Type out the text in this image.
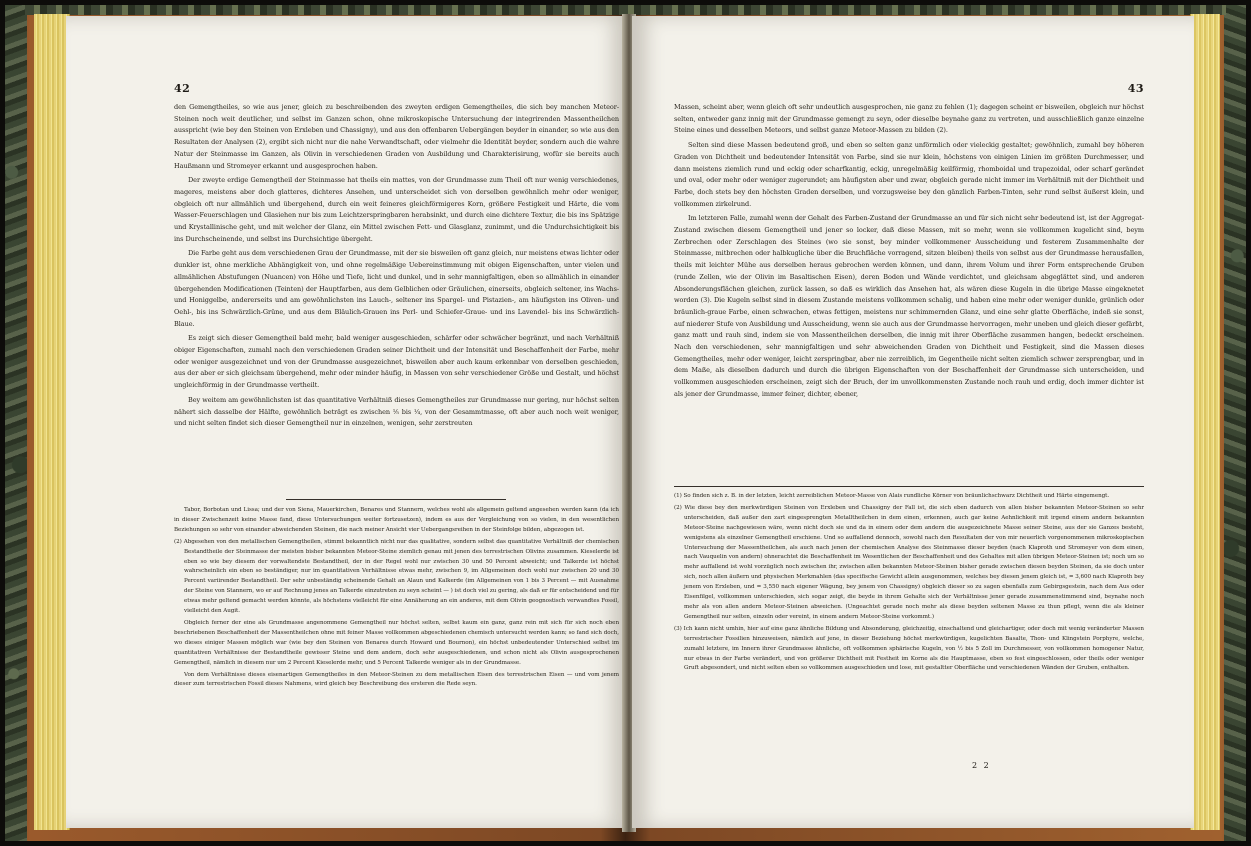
42

den Gemengtheiles, so wie aus jener, gleich zu beschreibenden des zweyten erdigen Gemengtheiles, die sich bey manchen Meteor-Steinen noch weit deutlicher, und selbst im Ganzen schon, ohne mikroskopische Untersuchung der integrirenden Massentheilchen ausspricht (wie bey den Steinen von Erxleben und Chassigny), und aus den offenbaren Uebergängen beyder in einander, so wie aus den Resultaten der Analysen (2), ergibt sich nicht nur die nahe Verwandtschaft, oder vielmehr die Identität beyder, sondern auch die wahre Natur der Steinmasse im Ganzen, als Olivin in verschiedenen Graden von Ausbildung und Charakterisirung, wofür sie bereits auch Haußmann und Stromeyer erkannt und ausgesprochen haben.

Der zweyte erdige Gemengtheil der Steinmasse hat theils ein mattes, von der Grundmasse zum Theil oft nur wenig verschiedenes, mageres, meistens aber doch glatteres, dichteres Ansehen, und unterscheidet sich von derselben gewöhnlich mehr oder weniger, obgleich oft nur allmählich und übergehend, durch ein weit feineres gleichförmigeres Korn, größere Festigkeit und Härte, die vom Wasser-Feuerschlagen und Glasiehen nur bis zum Leichtzerspringbaren herabsinkt, und durch eine dichtere Textur, die bis ins Spätzige und Krystallinische geht, und mit welcher der Glanz, ein Mittel zwischen Fett- und Glasglanz, zunimmt, und die Undurchsichtigkeit bis ins Durchscheinende, und selbst ins Durchsichtige übergeht.

Die Farbe geht aus dem verschiedenen Grau der Grundmasse, mit der sie bisweilen oft ganz gleich, nur meistens etwas lichter oder dunkler ist, ohne merkliche Abhängigkeit von, und ohne regelmäßige Uebereinstimmung mit obigen Eigenschaften, unter vielen und allmählichen Abstufungen (Nuancen) von Höhe und Tiefe, licht und dunkel, und in sehr mannigfaltigen, eben so allmählich in einander übergehenden Modificationen (Teinten) der Hauptfarben, aus dem Gelblichen oder Gräulichen, einerseits, obgleich seltener, ins Wachs- und Honiggelbe, andererseits und am gewöhnlichsten ins Lauch-, seltener ins Spargel- und Pistazien-, am häufigsten ins Oliven- und Oehl-, bis ins Schwärzlich-Grüne, und aus dem Bläulich-Grauen ins Perl- und Schiefer-Graue- und ins Lavendel- bis ins Schwärzlich-Blaue.

Es zeigt sich dieser Gemengtheil bald mehr, bald weniger ausgeschieden, schärfer oder schwächer begränzt, und nach Verhältniß obiger Eigenschaften, zumahl nach den verschiedenen Graden seiner Dichtheit und der Intensität und Beschaffenheit der Farbe, mehr oder weniger ausgezeichnet und von der Grundmasse ausgezeichnet, bisweilen aber auch kaum erkennbar von derselben geschieden, aus der aber er sich gleichsam übergehend, mehr oder minder häufig, in Massen von sehr verschiedener Größe und Gestalt, und höchst ungleichförmig in der Grundmasse vertheilt.

Bey weitem am gewöhnlichsten ist das quantitative Verhältniß dieses Gemengtheiles zur Grundmasse nur gering, nur höchst selten nähert sich dasselbe der Hälfte, gewöhnlich beträgt es zwischen ⅕ bis ¼, von der Gesammtmasse, oft aber auch noch weit weniger, und nicht selten findet sich dieser Gemengtheil nur in einzelnen, wenigen, sehr zerstreuten

Tabor, Borbotan und Lissa; und der von Siena, Mauerkirchen, Benares und Stannern, welches wohl als allgemein geltend angesehen werden kann (da ich in dieser Zwischenzeit keine Masse fand, diese Untersuchungen weiter fortzusetzen), indem es aus der Vergleichung von so vielen, in den wesentlichen Beziehungen so sehr von einander abweichenden Steinen, die nach meiner Ansicht vier Uebergangsreihen in der Steinfolge bilden, abgezogen ist.

(2) Abgesehen von den metallischen Gemengtheilen, stimmt bekanntlich nicht nur das qualitative, sondern selbst das quantitative Verhältniß der chemischen Bestandtheile der Steinmasse der meisten bisher bekannten Meteor-Steine ziemlich genau mit jenen des terrestrischen Olivins zusammen. Kieselerde ist eben so wie bey diesem der vorwaltendste Bestandtheil, der in der Regel wohl nur zwischen 30 und 50 Percent abweicht; und Talkerde ist höchst wahrscheinlich ein eben so beständiger, nur im quantitativen Verhältnisse etwas mehr, zwischen 9, im Allgemeinen doch wohl nur zwischen 20 und 30 Percent variirender Bestandtheil. Der sehr unbeständig scheinende Gehalt an Alaun und Kalkerde (im Allgemeinen von 1 bis 3 Percent — mit Ausnahme der Steine von Stannern, wo er auf Rechnung jenes an Talkerde einzutreten zu seyn scheint — ) ist doch viel zu gering, als daß er für entscheidend und für etwas mehr geltend gemacht werden könnte, als höchstens vielleicht für eine Annäherung an ein anderes, mit dem Olivin geognostisch verwandtes Fossil, vielleicht den Augit.

Obgleich ferner der eine als Grundmasse angenommene Gemengtheil nur höchst selten, selbst kaum ein ganz, ganz rein mit sich für sich noch eben beschriebenen Beschaffenheit der Massentheilchen ohne mit feiner Masse vollkommen abgeschiedenen chemisch untersucht werden kann; so fand sich doch, wo dieses einiger Massen möglich war (wie bey den Steinen von Benares durch Howard und Bournon), ein höchst unbedeutender Unterschied selbst im quantitativen Verhältnisse der Bestandtheile gewisser Steine und dem andern, doch sehr ausgeschiedenen, und schon nicht als Olivin ausgesprochenen Gemengtheil, nämlich in diesem nur um 2 Percent Kieselerde mehr, und 5 Percent Talkerde weniger als in der Grundmasse.

Von dem Verhältnisse dieses eisenartigen Gemengtheiles in den Meteor-Steinen zu dem metallischen Eisen des terrestrischen Eisen — und vom jenem dieser zum terrestrischen Fossil dieses Nahmens, wird gleich bey Beschreibung des ersteren die Rede seyn.

43

Massen, scheint aber, wenn gleich oft sehr undeutlich ausgesprochen, nie ganz zu fehlen (1); dagegen scheint er bisweilen, obgleich nur höchst selten, entweder ganz innig mit der Grundmasse gemengt zu seyn, oder dieselbe beynahe ganz zu vertreten, und ausschließlich ganze einzelne Steine eines und desselben Meteors, und selbst ganze Meteor-Massen zu bilden (2).

Selten sind diese Massen bedeutend groß, und eben so selten ganz unförmlich oder vieleckig gestaltet; gewöhnlich, zumahl bey höheren Graden von Dichtheit und bedeutender Intensität von Farbe, sind sie nur klein, höchstens von einigen Linien im größten Durchmesser, und dann meistens ziemlich rund und eckig oder scharfkantig, eckig, unregelmäßig keilförmig, rhomboidal und trapezoidal, oder scharf gerändet und oval, oder mehr oder weniger zugerundet; am häufigsten aber und zwar, obgleich gerade nicht immer im Verhältniß mit der Dichtheit und Farbe, doch stets bey den höchsten Graden derselben, und vorzugsweise bey den gänzlich Farben-Tinten, sehr rund selbst äußerst klein, und vollkommen zirkelrund.

Im letzteren Falle, zumahl wenn der Gehalt des Farben-Zustand der Grundmasse an und für sich nicht sehr bedeutend ist, ist der Aggregat-Zustand zwischen diesem Gemengtheil und jener so locker, daß diese Massen, mit so mehr, wenn sie vollkommen kugelicht sind, beym Zerbrechen oder Zerschlagen des Steines (wo sie sonst, bey minder vollkommener Ausscheidung und festerem Zusammenhalte der Steinmasse, mitbrechen oder halbkugliche über die Bruchfläche vorragend, sitzen bleiben) theils von selbst aus der Grundmasse herausfallen, theils mit leichter Mühe aus derselben heraus gebrochen werden können, und dann, ihrem Volum und ihrer Form entsprechende Gruben (runde Zellen, wie der Olivin im Basaltischen Eisen), deren Boden und Wände verdichtet, und gleichsam abgeglättet sind, und anderen Absonderungsflächen gleichen, zurück lassen, so daß es wirklich das Ansehen hat, als wären diese Kugeln in die übrige Masse eingeknetet worden (3). Die Kugeln selbst sind in diesem Zustande meistens vollkommen schalig, und haben eine mehr oder weniger dunkle, grünlich oder bräunlich-graue Farbe, einen schwachen, etwas fettigen, meistens nur schimmernden Glanz, und eine sehr glatte Oberfläche, indeß sie sonst, auf niederer Stufe von Ausbildung und Ausscheidung, wenn sie auch aus der Grundmasse hervorragen, mehr uneben und gleich dieser gefärbt, ganz matt und rauh sind, indem sie von Massentheilchen derselben, die innig mit ihrer Oberfläche zusammen hangen, bedeckt erscheinen. Nach den verschiedenen, sehr mannigfaltigen und sehr abweichenden Graden von Dichtheit und Festigkeit, sind die Massen dieses Gemengtheiles, mehr oder weniger, leicht zerspringbar, aber nie zerreiblich, im Gegentheile nicht selten ziemlich schwer zersprengbar, und in dem Maße, als dieselben dadurch und durch die übrigen Eigenschaften von der Beschaffenheit der Grundmasse sich unterscheiden, und vollkommen ausgeschieden erscheinen, zeigt sich der Bruch, der im unvollkommensten Zustande noch rauh und erdig, doch immer dichter ist als jener der Grundmasse, immer feiner, dichter, ebener,

(1) So finden sich z. B. in der letzten, leicht zerreiblichen Meteor-Masse von Alais rundliche Körner von bräunlichschwarz Dichtheit und Härte eingemengt.

(2) Wie diese bey den merkwürdigen Steinen von Erxleben und Chassigny der Fall ist, die sich eben dadurch von allen bisher bekannten Meteor-Steinen so sehr unterscheiden, daß außer den zart eingesprengten Metalltheilchen in dem einen, erkennen, auch gar keine Aehnlichkeit mit irgend einem andern bekannten Meteor-Steine nachgewiesen wäre, wenn nicht doch sie und da in einem oder dem andern die ausgezeichnete Masse seiner Steine, aus der sie Ganzes besteht, wenigstens als einzelner Gemengtheil erschiene. Und so auffallend dennoch, sowohl nach den Resultaten der von mir neuerlich vorgenommenen mikroskopischen Untersuchung der Massentheilchen, als auch nach jenen der chemischen Analyse des Steinmasse dieser beyden (nach Klaproth und Stromeyer von dem einen, nach Vauquelin von andern) ohnerachtet die Beschaffenheit im Wesentlichen der Beschaffenheit und des Gehaltes mit allen übrigen Meteor-Steinen ist; noch um so mehr auffallend ist wohl vorzüglich noch zwischen ihr, zwischen allen bekannten Meteor-Steinen bisher gerade zwischen diesen beyden Steinen, da sie doch unter sich, noch allen äußern und physischen Merkmahlen (das specifische Gewicht allein ausgenommen, welches bey diesen jenem gleich ist, = 3,600 nach Klaproth bey jenem von Erxleben, und = 3,550 nach eigener Wägung, bey jenem von Chassigny) obgleich dieser so zu sagen ebenfalls zum Gebirgsgestein, nach dem Aus oder Eisenfilgel, vollkommen unterschieden, sich sogar zeigt, die beyde in ihrem Gehalte sich der Verhältnisse jener gerade zusammenstimmend sind, beynahe noch mehr als von allen andern Meteor-Steinen abweichen. (Ungeachtet gerade noch mehr als diese beyden seltenen Masse zu thun pflegt, wenn die als kleiner Gemengtheil nur selten, einzeln oder vereint, in einem andern Meteor-Steine vorkommt.)

(3) Ich kann nicht umhin, hier auf eine ganz ähnliche Bildung und Absonderung, gleichzeitig, einschaltend und gleichartiger, oder doch mit wenig veränderter Massen terrestrischer Fossilien hinzuweisen, nämlich auf jene, in dieser Beziehung höchst merkwürdigen, kugelichten Basalte, Thon- und Klingstein Porphyre, welche, zumahl letztere, im Innern ihrer Grundmasse ähnliche, oft vollkommen sphärische Kugeln, von ½ bis 5 Zoll im Durchmesser, von vollkommen homogener Natur, nur etwas in der Farbe verändert, und von größerer Dichtheit mit Festheit im Korne als die Hauptmasse, eben so fest eingeschlossen, oder theils oder weniger Gruft abgesondert, und nicht selten eben so vollkommen ausgeschieden und lose, mit gestaltter Oberfläche und verschiedenen Wänden der Gruben, enthalten.

2 2
